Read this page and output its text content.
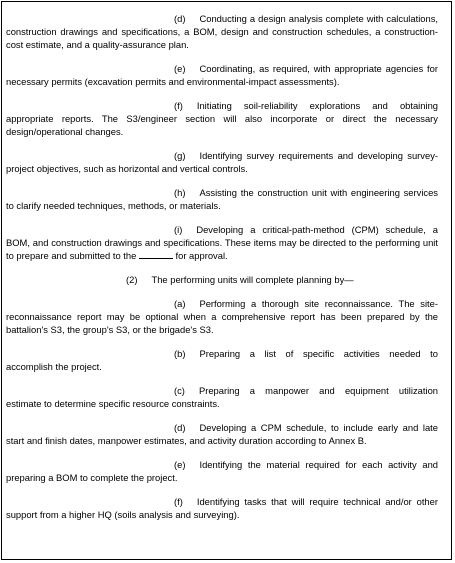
(d) Conducting a design analysis complete with calculations, construction drawings and specifications, a BOM, design and construction schedules, a construction-cost estimate, and a quality-assurance plan.

(e) Coordinating, as required, with appropriate agencies for necessary permits (excavation permits and environmental-impact assessments).

(f) Initiating soil-reliability explorations and obtaining appropriate reports. The S3/engineer section will also incorporate or direct the necessary design/operational changes.

(g) Identifying survey requirements and developing survey-project objectives, such as horizontal and vertical controls.

(h) Assisting the construction unit with engineering services to clarify needed techniques, methods, or materials.

(i) Developing a critical-path-method (CPM) schedule, a BOM, and construction drawings and specifications. These items may be directed to the performing unit to prepare and submitted to the	for approval.

(2) The performing units will complete planning by—

(a) Performing a thorough site reconnaissance. The site-reconnaissance report may be optional when a comprehensive report has been prepared by the battalion's S3, the group's S3, or the brigade's S3.

(b) Preparing a list of specific activities needed to accomplish the project.

(c) Preparing a manpower and equipment utilization estimate to determine specific resource constraints.

(d) Developing a CPM schedule, to include early and late start and finish dates, manpower estimates, and activity duration according to Annex B.

(e) Identifying the material required for each activity and preparing a BOM to complete the project.

(f) Identifying tasks that will require technical and/or other support from a higher HQ (soils analysis and surveying).
